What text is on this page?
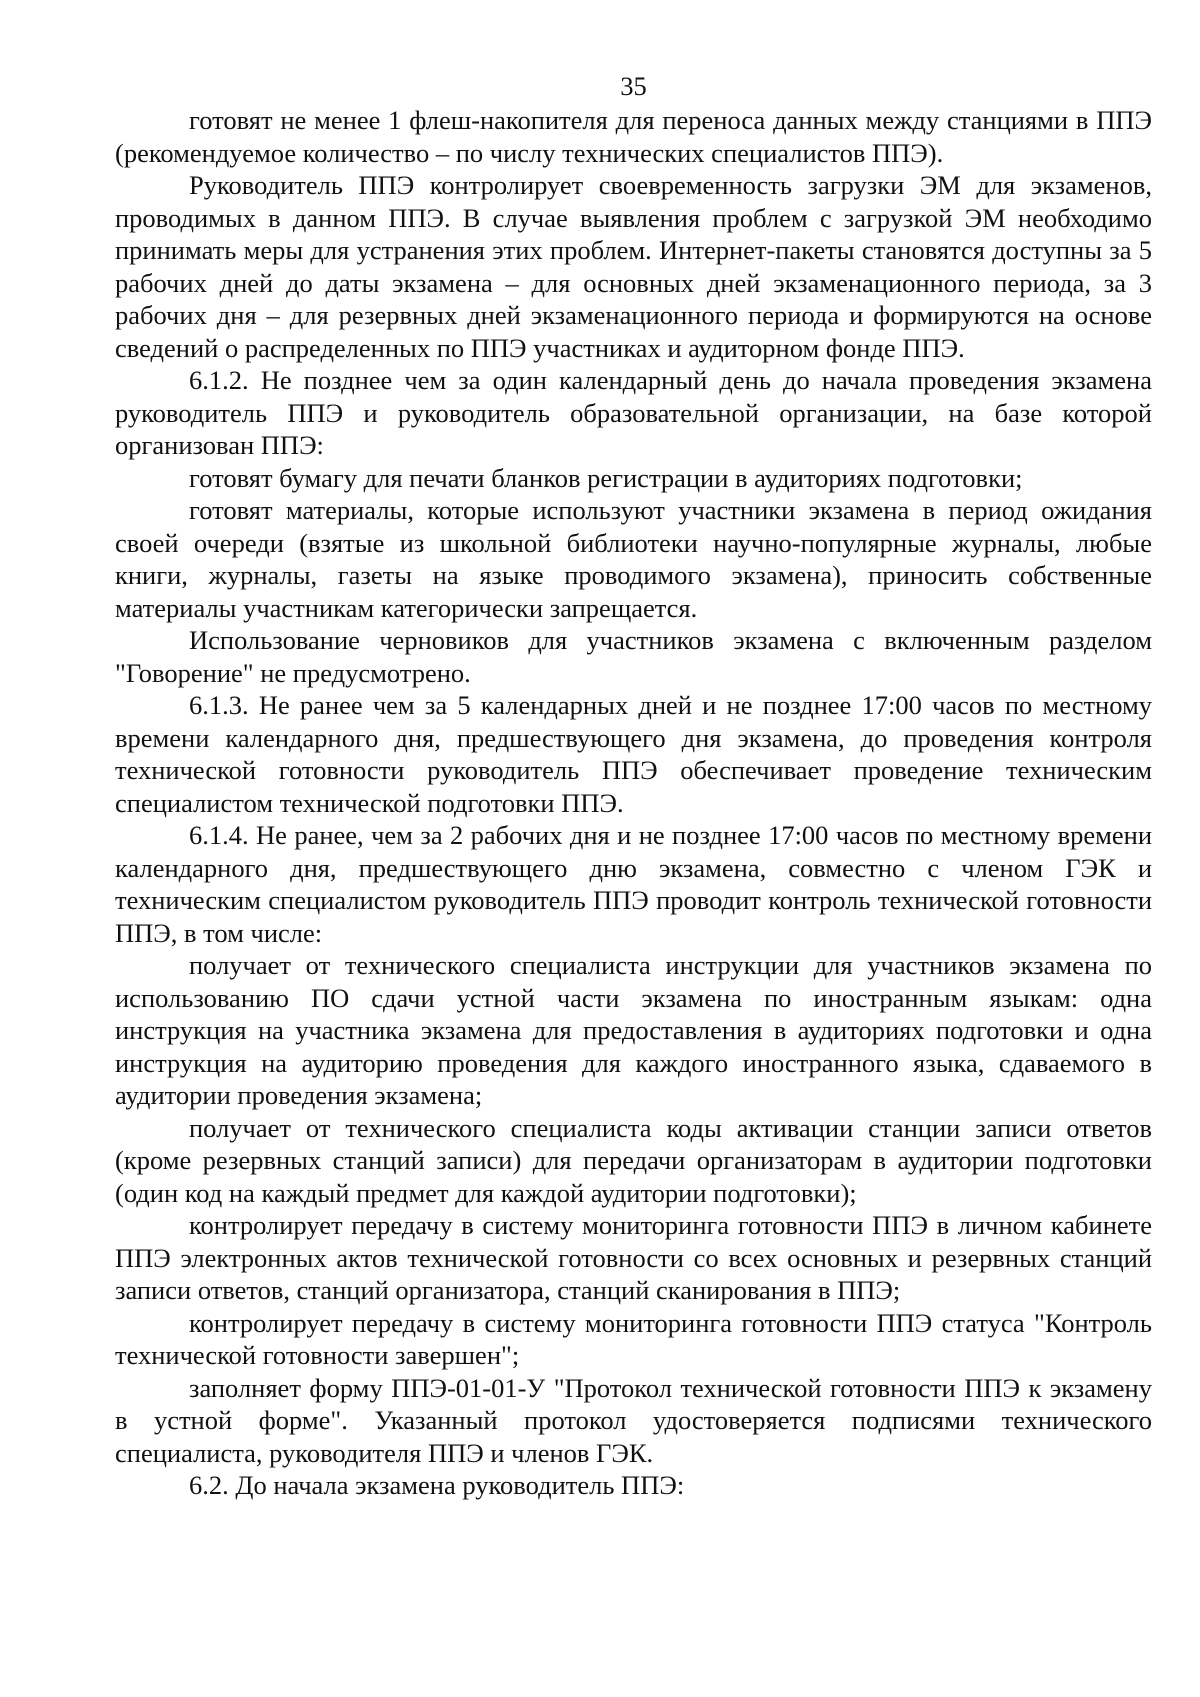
35

готовят не менее 1 флеш-накопителя для переноса данных между станциями в ППЭ (рекомендуемое количество – по числу технических специалистов ППЭ).

Руководитель ППЭ контролирует своевременность загрузки ЭМ для экзаменов, проводимых в данном ППЭ. В случае выявления проблем с загрузкой ЭМ необходимо принимать меры для устранения этих проблем. Интернет-пакеты становятся доступны за 5 рабочих дней до даты экзамена – для основных дней экзаменационного периода, за 3 рабочих дня – для резервных дней экзаменационного периода и формируются на основе сведений о распределенных по ППЭ участниках и аудиторном фонде ППЭ.

6.1.2. Не позднее чем за один календарный день до начала проведения экзамена руководитель ППЭ и руководитель образовательной организации, на базе которой организован ППЭ:

готовят бумагу для печати бланков регистрации в аудиториях подготовки;

готовят материалы, которые используют участники экзамена в период ожидания своей очереди (взятые из школьной библиотеки научно-популярные журналы, любые книги, журналы, газеты на языке проводимого экзамена), приносить собственные материалы участникам категорически запрещается.

Использование черновиков для участников экзамена с включенным разделом "Говорение" не предусмотрено.

6.1.3. Не ранее чем за 5 календарных дней и не позднее 17:00 часов по местному времени календарного дня, предшествующего дня экзамена, до проведения контроля технической готовности руководитель ППЭ обеспечивает проведение техническим специалистом технической подготовки ППЭ.

6.1.4. Не ранее, чем за 2 рабочих дня и не позднее 17:00 часов по местному времени календарного дня, предшествующего дню экзамена, совместно с членом ГЭК и техническим специалистом руководитель ППЭ проводит контроль технической готовности ППЭ, в том числе:

получает от технического специалиста инструкции для участников экзамена по использованию ПО сдачи устной части экзамена по иностранным языкам: одна инструкция на участника экзамена для предоставления в аудиториях подготовки и одна инструкция на аудиторию проведения для каждого иностранного языка, сдаваемого в аудитории проведения экзамена;

получает от технического специалиста коды активации станции записи ответов (кроме резервных станций записи) для передачи организаторам в аудитории подготовки (один код на каждый предмет для каждой аудитории подготовки);

контролирует передачу в систему мониторинга готовности ППЭ в личном кабинете ППЭ электронных актов технической готовности со всех основных и резервных станций записи ответов, станций организатора, станций сканирования в ППЭ;

контролирует передачу в систему мониторинга готовности ППЭ статуса "Контроль технической готовности завершен";

заполняет форму ППЭ-01-01-У "Протокол технической готовности ППЭ к экзамену в устной форме". Указанный протокол удостоверяется подписями технического специалиста, руководителя ППЭ и членов ГЭК.

6.2. До начала экзамена руководитель ППЭ:
